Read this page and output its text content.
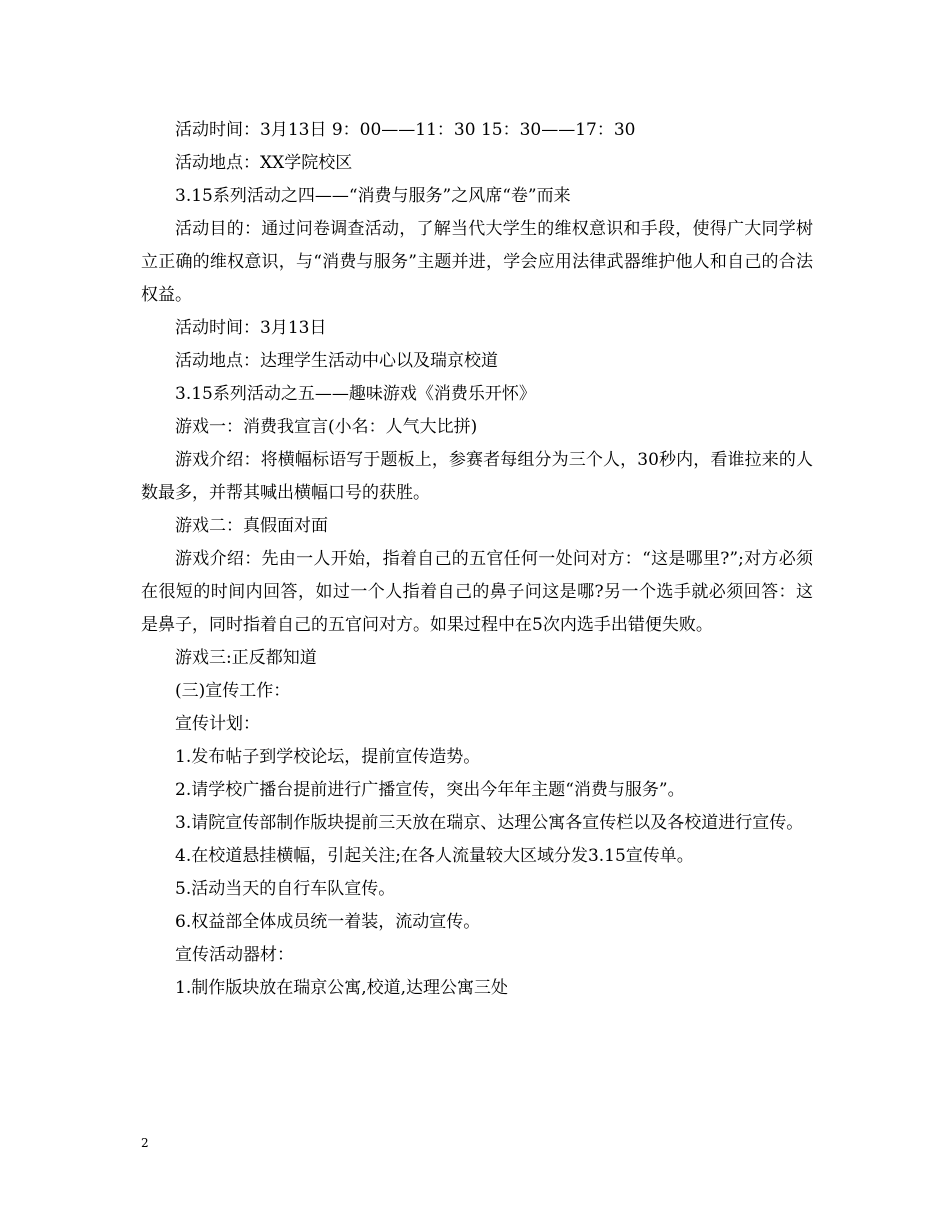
活动时间：3月13日 9：00——11：30 15：30——17：30

活动地点：XX学院校区

3.15系列活动之四——“消费与服务”之风席“卷”而来

活动目的：通过问卷调查活动，了解当代大学生的维权意识和手段，使得广大同学树立正确的维权意识，与“消费与服务”主题并进，学会应用法律武器维护他人和自己的合法权益。

活动时间：3月13日

活动地点：达理学生活动中心以及瑞京校道

3.15系列活动之五——趣味游戏《消费乐开怀》

游戏一：消费我宣言(小名：人气大比拼)

游戏介绍：将横幅标语写于题板上，参赛者每组分为三个人，30秒内，看谁拉来的人数最多，并帮其喊出横幅口号的获胜。

游戏二：真假面对面

游戏介绍：先由一人开始，指着自己的五官任何一处问对方：“这是哪里?”;对方必须在很短的时间内回答，如过一个人指着自己的鼻子问这是哪?另一个选手就必须回答：这是鼻子，同时指着自己的五官问对方。如果过程中在5次内选手出错便失败。

游戏三:正反都知道

(三)宣传工作：

宣传计划：

1.发布帖子到学校论坛，提前宣传造势。

2.请学校广播台提前进行广播宣传，突出今年年主题“消费与服务”。

3.请院宣传部制作版块提前三天放在瑞京、达理公寓各宣传栏以及各校道进行宣传。

4.在校道悬挂横幅，引起关注;在各人流量较大区域分发3.15宣传单。

5.活动当天的自行车队宣传。

6.权益部全体成员统一着装，流动宣传。

宣传活动器材：

1.制作版块放在瑞京公寓,校道,达理公寓三处

2
